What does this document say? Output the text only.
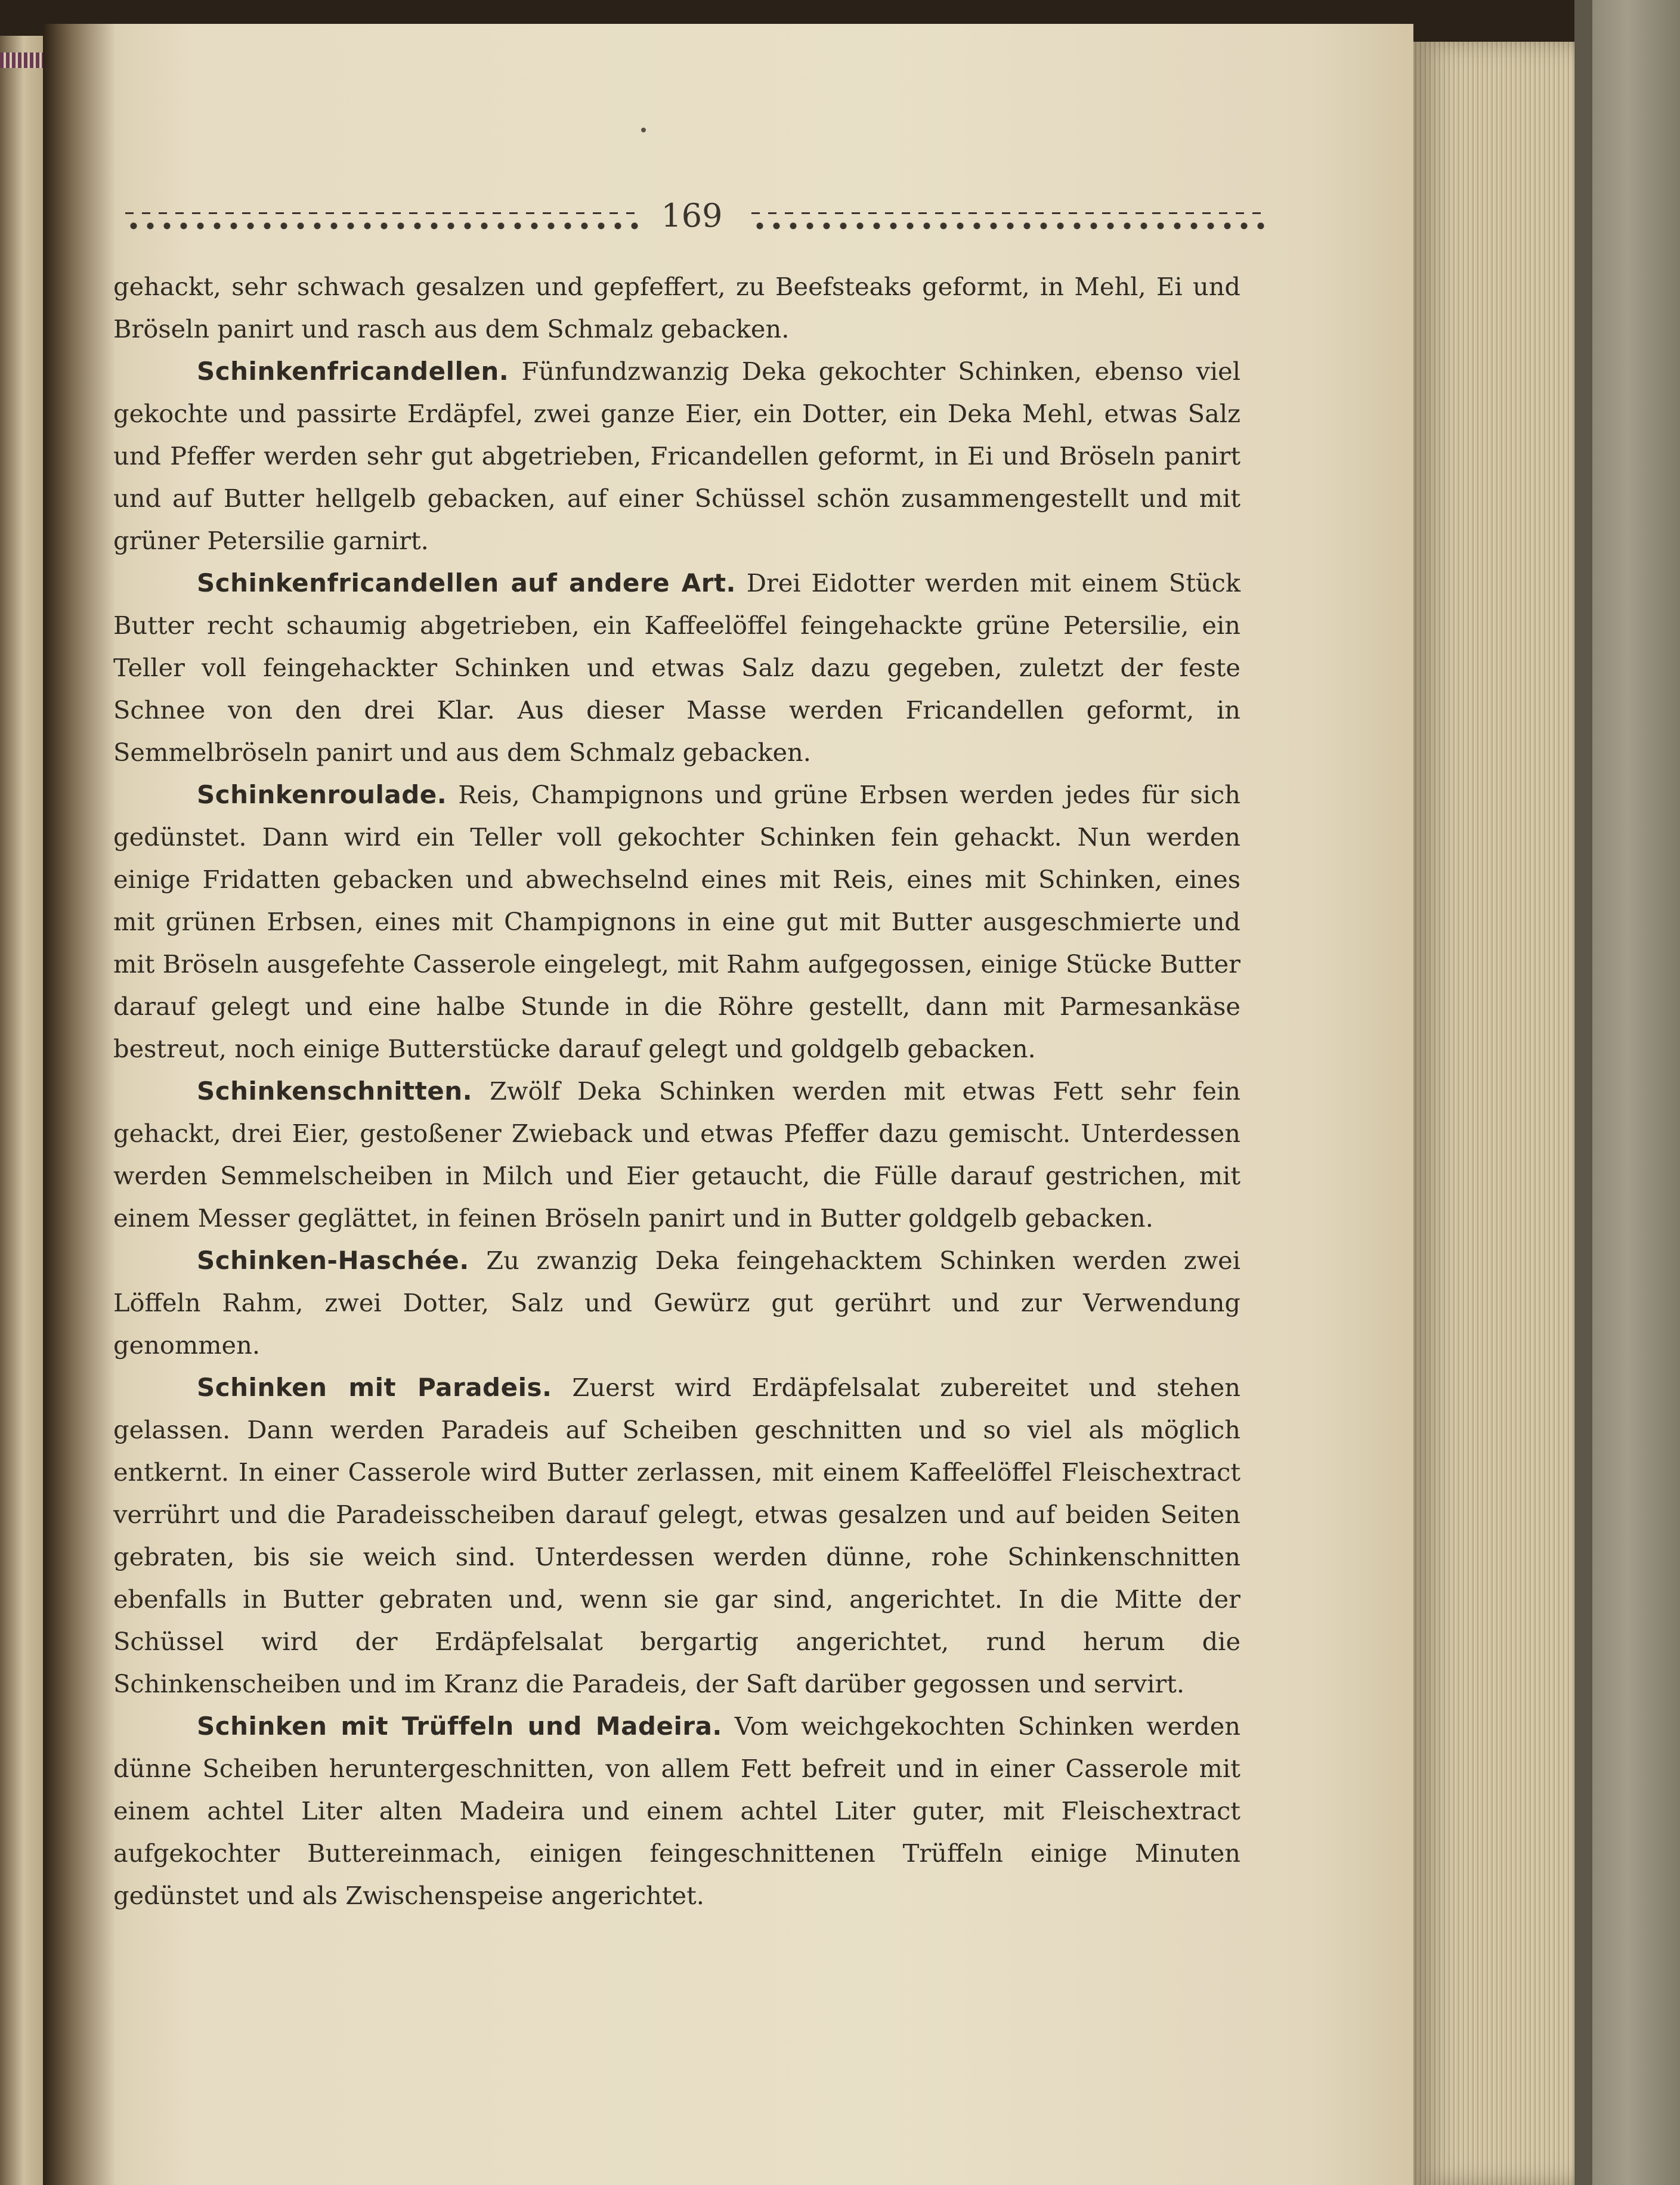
169

gehackt, sehr schwach gesalzen und gepfeffert, zu Beefsteaks geformt, in Mehl, Ei und Bröseln panirt und rasch aus dem Schmalz gebacken.

Schinkenfricandellen. Fünfundzwanzig Deka gekochter Schinken, ebenso viel gekochte und passirte Erdäpfel, zwei ganze Eier, ein Dotter, ein Deka Mehl, etwas Salz und Pfeffer werden sehr gut abgetrieben, Fricandellen geformt, in Ei und Bröseln panirt und auf Butter hellgelb gebacken, auf einer Schüssel schön zusammengestellt und mit grüner Petersilie garnirt.

Schinkenfricandellen auf andere Art. Drei Eidotter werden mit einem Stück Butter recht schaumig abgetrieben, ein Kaffeelöffel feingehackte grüne Petersilie, ein Teller voll feingehackter Schinken und etwas Salz dazu gegeben, zuletzt der feste Schnee von den drei Klar. Aus dieser Masse werden Fricandellen geformt, in Semmelbröseln panirt und aus dem Schmalz gebacken.

Schinkenroulade. Reis, Champignons und grüne Erbsen werden jedes für sich gedünstet. Dann wird ein Teller voll gekochter Schinken fein gehackt. Nun werden einige Fridatten gebacken und abwechselnd eines mit Reis, eines mit Schinken, eines mit grünen Erbsen, eines mit Champignons in eine gut mit Butter ausgeschmierte und mit Bröseln ausgefehte Casserole eingelegt, mit Rahm aufgegossen, einige Stücke Butter darauf gelegt und eine halbe Stunde in die Röhre gestellt, dann mit Parmesankäse bestreut, noch einige Butterstücke darauf gelegt und goldgelb gebacken.

Schinkenschnitten. Zwölf Deka Schinken werden mit etwas Fett sehr fein gehackt, drei Eier, gestoßener Zwieback und etwas Pfeffer dazu gemischt. Unterdessen werden Semmelscheiben in Milch und Eier getaucht, die Fülle darauf gestrichen, mit einem Messer geglättet, in feinen Bröseln panirt und in Butter goldgelb gebacken.

Schinken-Haschée. Zu zwanzig Deka feingehacktem Schinken werden zwei Löffeln Rahm, zwei Dotter, Salz und Gewürz gut gerührt und zur Verwendung genommen.

Schinken mit Paradeis. Zuerst wird Erdäpfelsalat zubereitet und stehen gelassen. Dann werden Paradeis auf Scheiben geschnitten und so viel als möglich entkernt. In einer Casserole wird Butter zerlassen, mit einem Kaffeelöffel Fleischextract verrührt und die Paradeisscheiben darauf gelegt, etwas gesalzen und auf beiden Seiten gebraten, bis sie weich sind. Unterdessen werden dünne, rohe Schinkenschnitten ebenfalls in Butter gebraten und, wenn sie gar sind, angerichtet. In die Mitte der Schüssel wird der Erdäpfelsalat bergartig angerichtet, rund herum die Schinkenscheiben und im Kranz die Paradeis, der Saft darüber gegossen und servirt.

Schinken mit Trüffeln und Madeira. Vom weichgekochten Schinken werden dünne Scheiben heruntergeschnitten, von allem Fett befreit und in einer Casserole mit einem achtel Liter alten Madeira und einem achtel Liter guter, mit Fleischextract aufgekochter Buttereinmach, einigen feingeschnittenen Trüffeln einige Minuten gedünstet und als Zwischenspeise angerichtet.
